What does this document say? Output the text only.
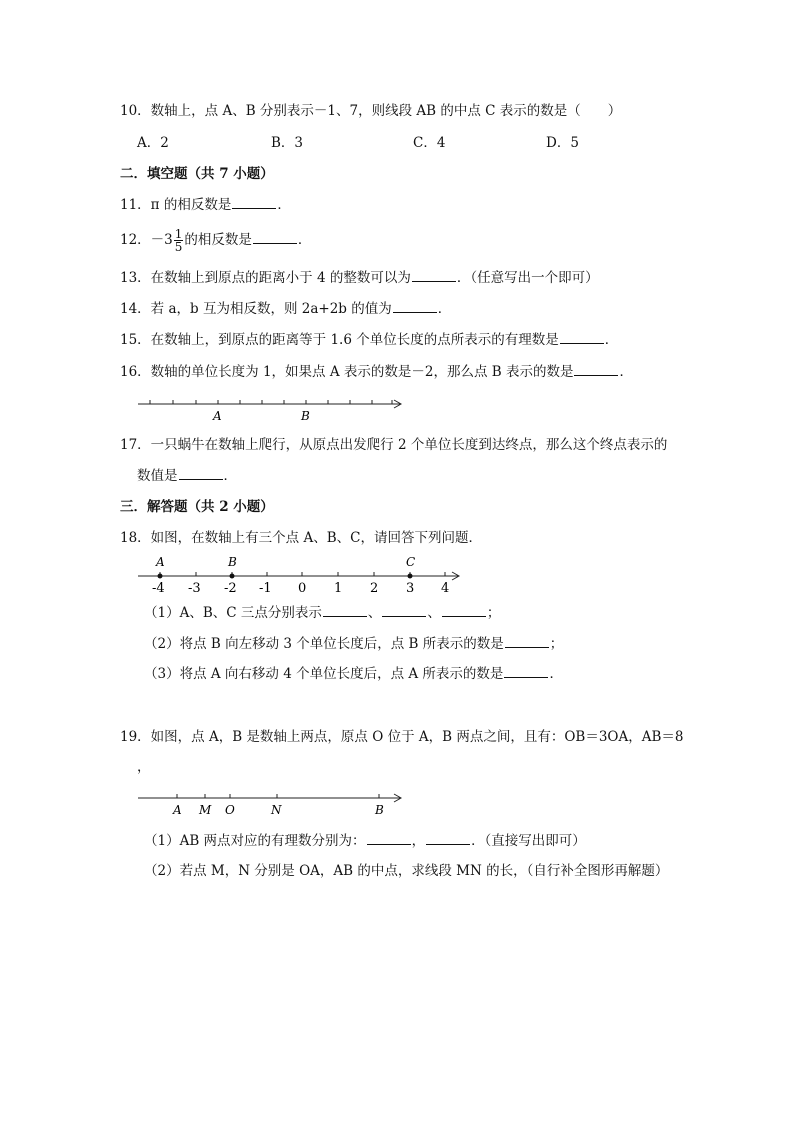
10．数轴上，点 A、B 分别表示－1、7，则线段 AB 的中点 C 表示的数是（　　）
A．2	B．3	C．4	D．5
二．填空题（共 7 小题）
11．π 的相反数是	．
12．$-3 \frac{1}{5}$ 的相反数是	．
13．在数轴上到原点的距离小于 4 的整数可以为	．（任意写出一个即可）
14．若 a，b 互为相反数，则 2a+2b 的值为	．
15．在数轴上，到原点的距离等于 1.6 个单位长度的点所表示的有理数是	．
16．数轴的单位长度为 1，如果点 A 表示的数是－2，那么点 B 表示的数是	．
A	B
17．一只蜗牛在数轴上爬行，从原点出发爬行 2 个单位长度到达终点，那么这个终点表示的
数值是	．
三．解答题（共 2 小题）
18．如图，在数轴上有三个点 A、B、C，请回答下列问题．
A	B	C
-4 -3 -2 -1 0 1 2 3 4
（1）A、B、C 三点分别表示	、	、	；
（2）将点 B 向左移动 3 个单位长度后，点 B 所表示的数是	；
（3）将点 A 向右移动 4 个单位长度后，点 A 所表示的数是	．
19．如图，点 A，B 是数轴上两点，原点 O 位于 A，B 两点之间，且有：OB＝3OA，AB＝8
，
A M O	N	B
（1）AB 两点对应的有理数分别为：	，	．（直接写出即可）
（2）若点 M，N 分别是 OA，AB 的中点，求线段 MN 的长，（自行补全图形再解题）
